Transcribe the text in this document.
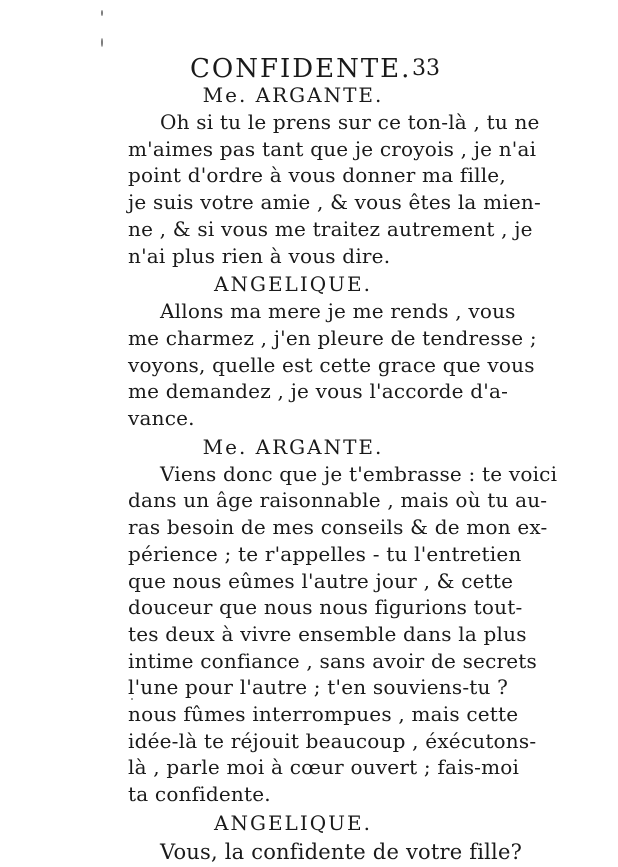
CONFIDENTE. 33
Me. ARGANTE.
Oh si tu le prens sur ce ton-là , tu ne
m'aimes pas tant que je croyois , je n'ai
point d'ordre à vous donner ma fille,
je suis votre amie , & vous êtes la mien-
ne , & si vous me traitez autrement , je
n'ai plus rien à vous dire.
ANGELIQUE.
Allons ma mere je me rends , vous
me charmez , j'en pleure de tendresse ;
voyons, quelle est cette grace que vous
me demandez , je vous l'accorde d'a-
vance.
Me. ARGANTE.
Viens donc que je t'embrasse : te voici
dans un âge raisonnable , mais où tu au-
ras besoin de mes conseils & de mon ex-
périence ; te r'appelles - tu l'entretien
que nous eûmes l'autre jour , & cette
douceur que nous nous figurions tout-
tes deux à vivre ensemble dans la plus
intime confiance , sans avoir de secrets
l'une pour l'autre ; t'en souviens-tu ?
nous fûmes interrompues , mais cette
idée-là te réjouit beaucoup , éxécutons-
là , parle moi à cœur ouvert ; fais-moi
ta confidente.
ANGELIQUE.
Vous, la confidente de votre fille?
